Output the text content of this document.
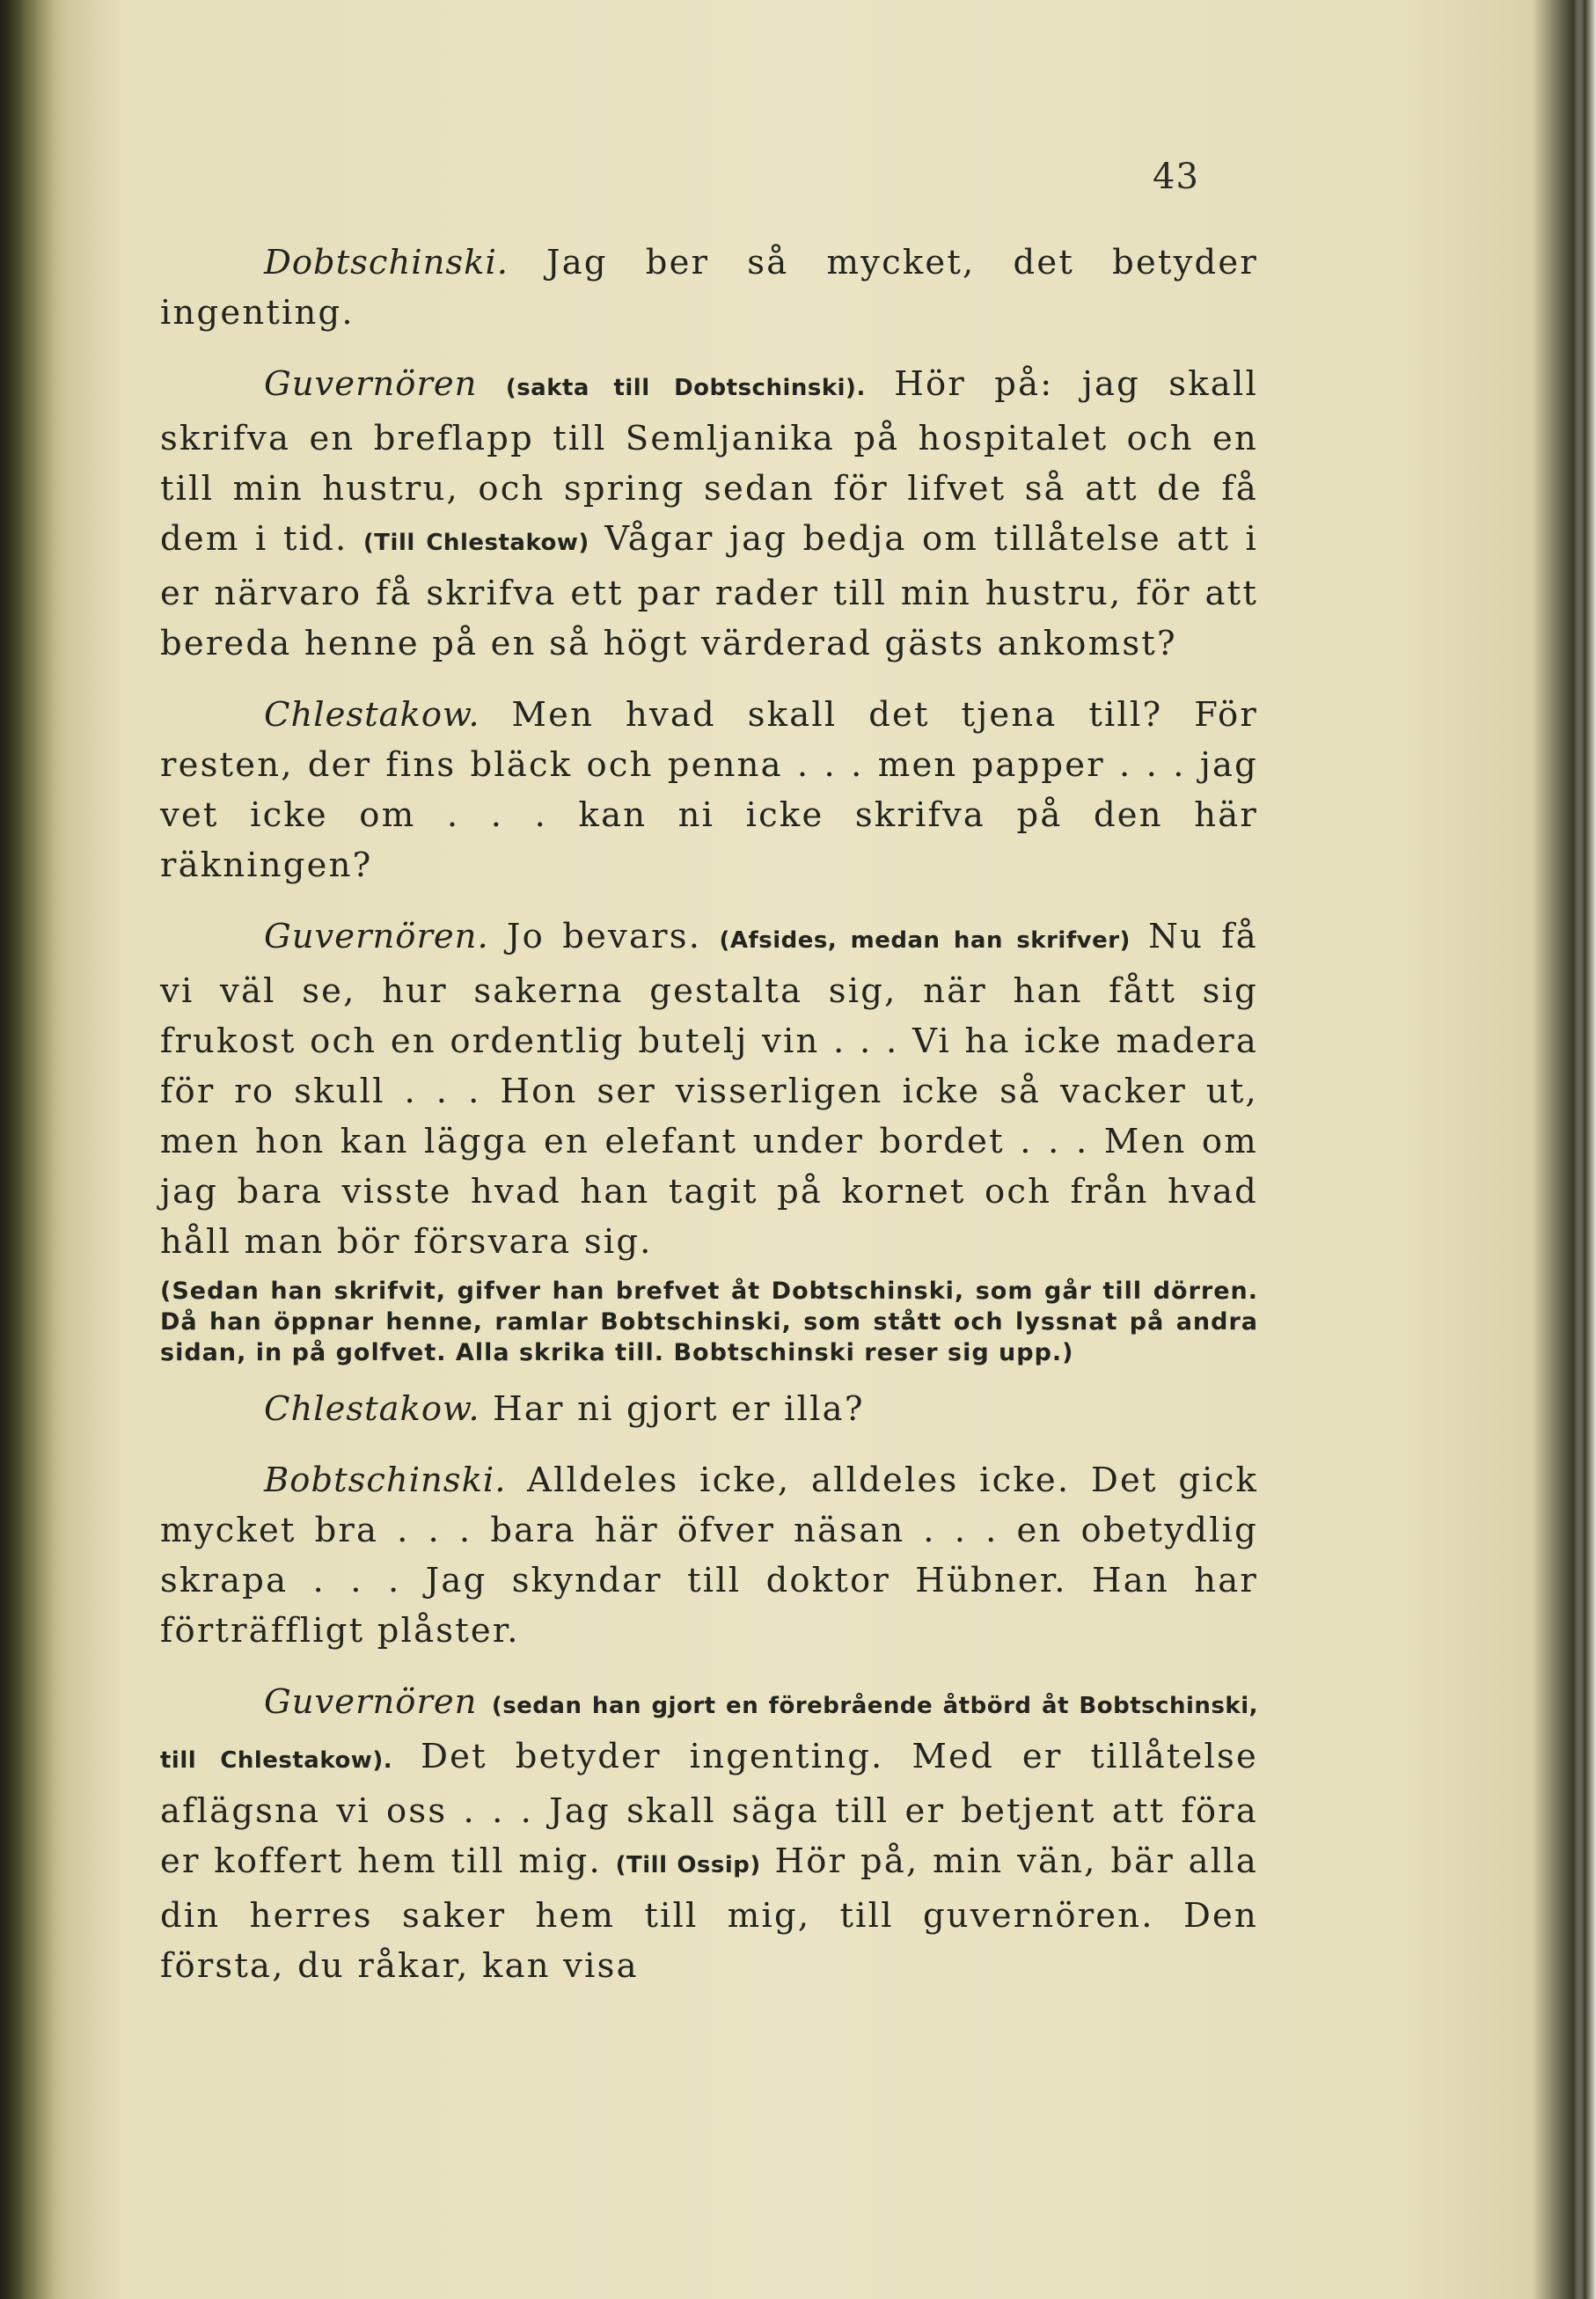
43

Dobtschinski. Jag ber så mycket, det betyder ingenting.

Guvernören (sakta till Dobtschinski). Hör på: jag skall skrifva en breflapp till Semljanika på hospitalet och en till min hustru, och spring sedan för lifvet så att de få dem i tid. (Till Chlestakow) Vågar jag bedja om tillåtelse att i er närvaro få skrifva ett par rader till min hustru, för att bereda henne på en så högt värderad gästs ankomst?

Chlestakow. Men hvad skall det tjena till? För resten, der fins bläck och penna . . . men papper . . . jag vet icke om . . . kan ni icke skrifva på den här räkningen?

Guvernören. Jo bevars. (Afsides, medan han skrifver) Nu få vi väl se, hur sakerna gestalta sig, när han fått sig frukost och en ordentlig butelj vin . . . Vi ha icke madera för ro skull . . . Hon ser visserligen icke så vacker ut, men hon kan lägga en elefant under bordet . . . Men om jag bara visste hvad han tagit på kornet och från hvad håll man bör försvara sig.

(Sedan han skrifvit, gifver han brefvet åt Dobtschinski, som går till dörren. Då han öppnar henne, ramlar Bobtschinski, som stått och lyssnat på andra sidan, in på golfvet. Alla skrika till. Bobtschinski reser sig upp.)

Chlestakow. Har ni gjort er illa?

Bobtschinski. Alldeles icke, alldeles icke. Det gick mycket bra . . . bara här öfver näsan . . . en obetydlig skrapa . . . Jag skyndar till doktor Hübner. Han har förträffligt plåster.

Guvernören (sedan han gjort en förebrående åtbörd åt Bobtschinski, till Chlestakow). Det betyder ingenting. Med er tillåtelse aflägsna vi oss . . . Jag skall säga till er betjent att föra er koffert hem till mig. (Till Ossip) Hör på, min vän, bär alla din herres saker hem till mig, till guvernören. Den första, du råkar, kan visa
